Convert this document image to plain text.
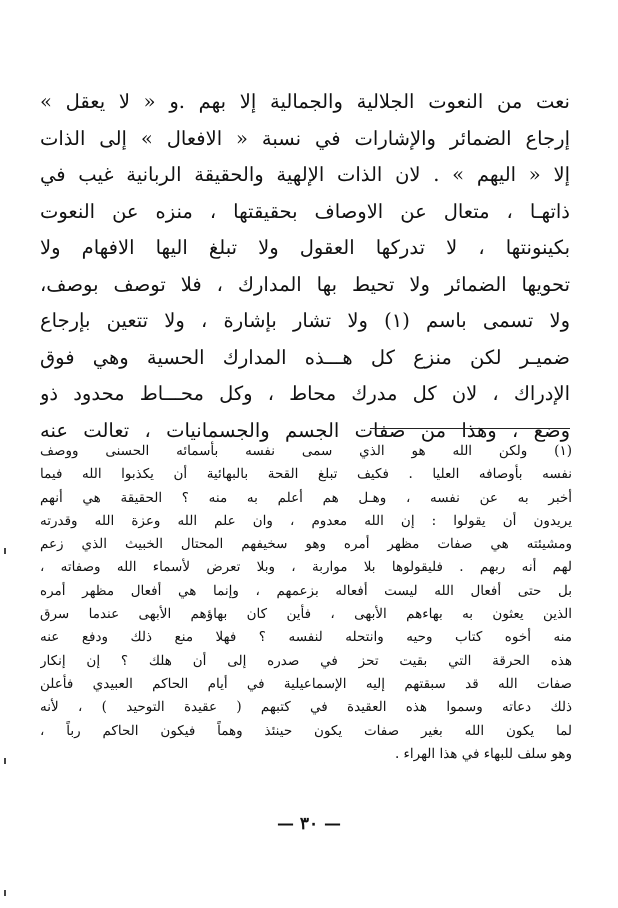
نعت من النعوت الجلالية والجمالية إلا بهم .و « لا يعقل »
إرجاع الضمائر والإشارات في نسبة « الافعال » إلى الذات
إلا « اليهم » . لان الذات الإلهية والحقيقة الربانية غيب في
ذاتهـا ، متعال عن الاوصاف بحقيقتها ، منزه عن النعوت
بكينونتها ، لا تدركها العقول ولا تبلغ اليها الافهام ولا
تحويها الضمائر ولا تحيط بها المدارك ، فلا توصف بوصف،
ولا تسمى باسم (١) ولا تشار بإشارة ، ولا تتعين بإرجاع
ضميـر لكن منزع كل هـــذه المدارك الحسية وهي فوق
الإدراك ، لان كل مدرك محاط ، وكل محـــاط محدود ذو
وضع ، وهذا من صفات الجسم والجسمانيات ، تعالت عنه
(١) ولكن الله هو الذي سمى نفسه بأسمائه الحسنى ووصف
نفسه بأوصافه العليا . فكيف تبلغ القحة بالبهائية أن يكذبوا الله فيما
أخبر به عن نفسه ، وهـل هم أعلم به منه ؟ الحقيقة هي أنهم
يريدون أن يقولوا : إن الله معدوم ، وان علم الله وعزة الله وقدرته
ومشيئته هي صفات مظهر أمره وهو سخيفهم المحتال الخبيث الذي زعم
لهم أنه ربهم . فليقولوها بلا مواربة ، وبلا تعرض لأسماء الله وصفاته ،
بل حتى أفعال الله ليست أفعاله بزعمهم ، وإنما هي أفعال مظهر أمره
الذين يعثون به بهاءهم الأبهى ، فأين كان بهاؤهم الأبهى عندما سرق
منه أخوه كتاب وحيه وانتحله لنفسه ؟ فهلا منع ذلك ودفع عنه
هذه الحرقة التي بقيت تحز في صدره إلى أن هلك ؟ إن إنكار
صفات الله قد سبقتهم إليه الإسماعيلية في أيام الحاكم العبيدي فأعلن
ذلك دعاته وسموا هذه العقيدة في كتبهم ( عقيدة التوحيد ) ، لأنه
لما يكون الله بغير صفات يكون حينئذ وهماً فيكون الحاكم رباً ،
وهو سلف للبهاء في هذا الهراء .
— ٣٠ —
